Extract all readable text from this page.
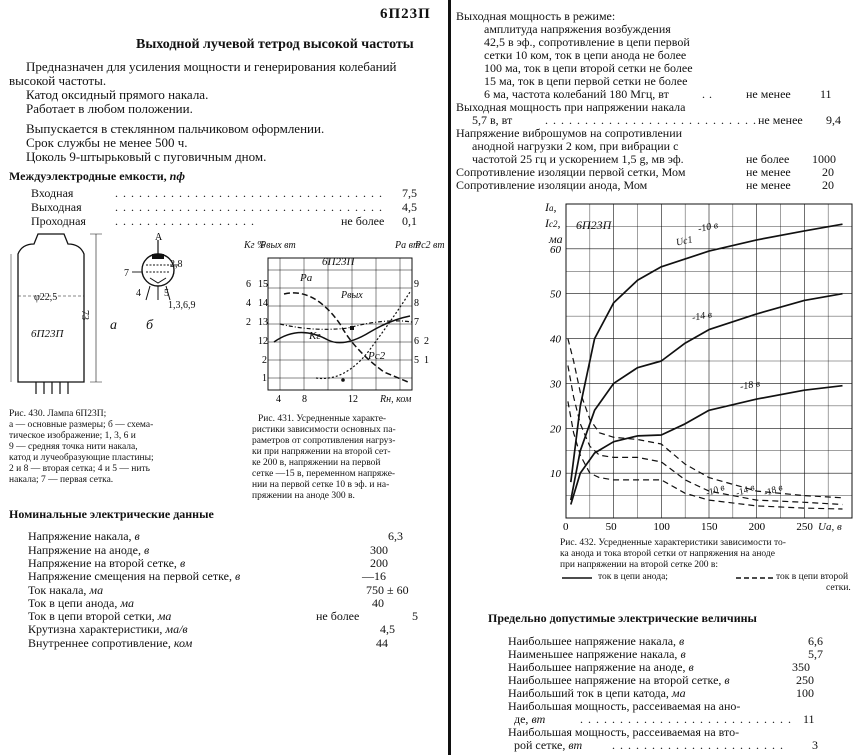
6П23П
Выходной лучевой тетрод высокой частоты
Предназначен для усиления мощности и генерирования колебаний
высокой частоты.
Катод оксидный прямого накала.
Работает в любом положении.
Выпускается в стеклянном пальчиковом оформлении.
Срок службы не менее 500 ч.
Цоколь 9-штырьковый с пуговичным дном.
Междуэлектродные емкости, пф
Входная	.................................. 7,5
Выходная	.................................. 4,5
Проходная ..................	не более 0,1
A
φ22,5
73
6П23П
а б
7
2,8
4 5
1,3,6,9
Рис. 430. Лампа 6П23П;
а — основные размеры; б — схема-
тическое изображение; 1, 3, 6 и
9 — средняя точка нити накала,
катод и лучеобразующие пластины;
2 и 8 — вторая сетка; 4 и 5 — нить
накала; 7 — первая сетка.
15
14
13
12
2
1
6
4
2
9
8
7
6
5
2
1
4 8	12
Kг %
Pвых вт	Pa вт
Pc2 вт
6П23П
Pa
Pвых
Kг
Pc2
Rн, ком
Рис. 431. Усредненные характе-
ристики зависимости основных па-
раметров от сопротивления нагруз-
ки при напряжении на второй сет-
ке 200 в, напряжении на первой
сетке —15 в, переменном напряже-
нии на первой сетке 10 в эф. и на-
пряжении на аноде 300 в.
Номинальные электрические данные
Напряжение накала, в	6,3
Напряжение на аноде, в	300
Напряжение на второй сетке, в	200
Напряжение смещения на первой сетке, в	—16
Ток накала, ма	750 ± 60
Ток в цепи анода, ма	40
Ток в цепи второй сетки, ма	не более	5
Крутизна характеристики, ма/в	4,5
Внутреннее сопротивление, ком	44
Выходная мощность в режиме:
амплитуда напряжения возбуждения
42,5 в эф., сопротивление в цепи первой
сетки 10 ком, ток в цепи анода не более
100 ма, ток в цепи второй сетки не более
15 ма, ток в цепи первой сетки не более
6 ма, частота колебаний 180 Мгц, вт	..	не менее 11
Выходная мощность при напряжении накала
5,7 в, вт	...........................
не менее 9,4
Напряжение виброшумов на сопротивлении
анодной нагрузки 2 ком, при вибрации с
частотой 25 гц и ускорением 1,5 g, мв эф.	не более 1000
Сопротивление изоляции первой сетки, Мом	не менее	20
Сопротивление изоляции анода, Мом	не менее	20
0	50	100	150	200	250
10
20
30
40
50
60
Ia,
Ic2,
ма
6П23П
Uc1
-10 в
-14 в
-18 в
-10 в -14 в -18 в
Ua, в
Рис. 432. Усредненные характеристики зависимости то-
ка анода и тока второй сетки от напряжения на аноде
при напряжении на второй сетке 200 в:
ток в цепи анода;	ток в цепи второй
сетки.
Предельно допустимые электрические величины
Наибольшее напряжение накала, в	6,6
Наименьшее напряжение накала, в	5,7
Наибольшее напряжение на аноде, в	350
Наибольшее напряжение на второй сетке, в	250
Наибольший ток в цепи катода, ма	100
Наибольшая мощность, рассеиваемая на ано-
де, вт	........................... 11
Наибольшая мощность, рассеиваемая на вто-
рой сетке, вт ...................... 3
